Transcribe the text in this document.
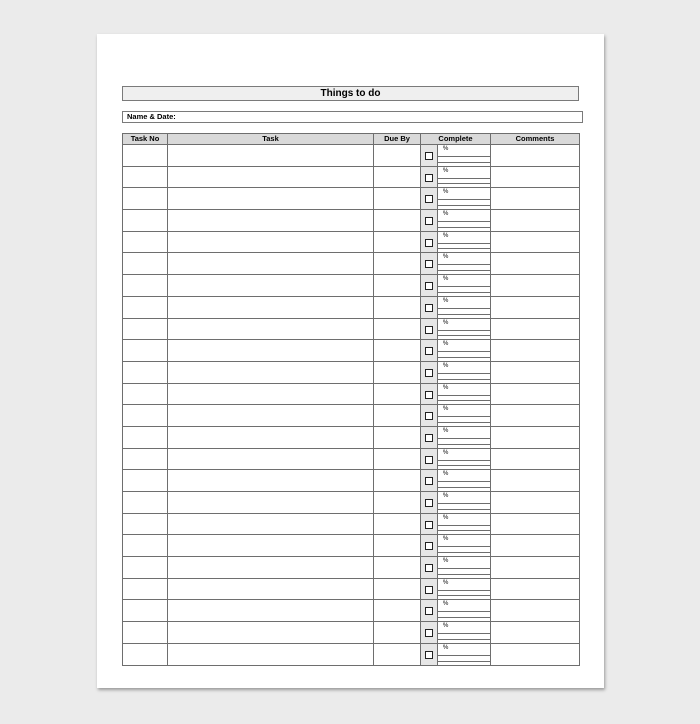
Things to do
Name & Date:
Task No	Task	Due By	Complete		Comments

				%	

				%	

				%	

				%	

				%	

				%	

				%	

				%	

				%	

				%	

				%	

				%	

				%	

				%	

				%	

				%	

				%	

				%	

				%	

				%	

				%	

				%	

				%	

				%	
